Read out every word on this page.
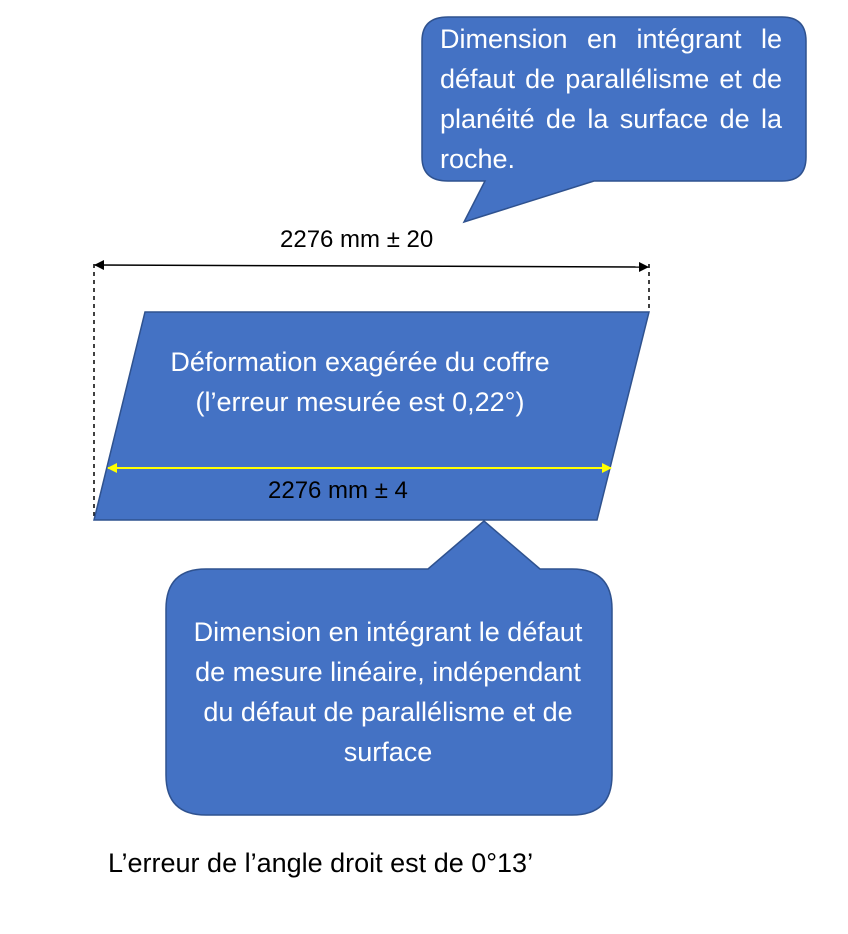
Dimension en intégrant le défaut de parallélisme et de planéité de la surface de la roche.
2276 mm ± 20
Déformation exagérée du coffre (l’erreur mesurée est 0,22°)
2276 mm ± 4
Dimension en intégrant le défaut de mesure linéaire, indépendant du défaut de parallélisme et de surface
L’erreur de l’angle droit est de 0°13’
